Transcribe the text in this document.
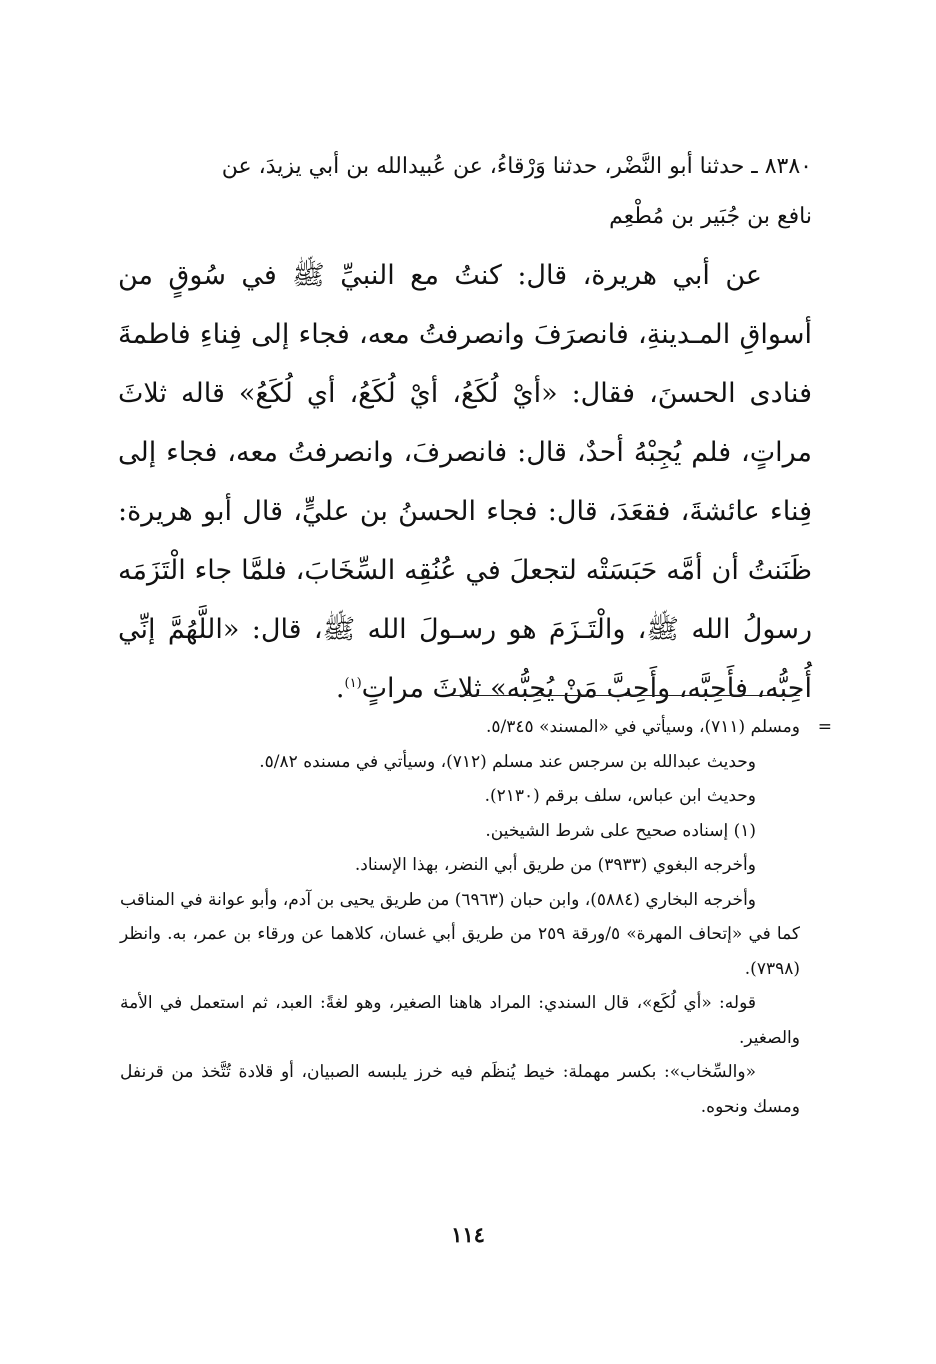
٨٣٨٠ ـ حدثنا أبو النَّضْر، حدثنا وَرْقاءُ، عن عُبيدالله بن أبي يزيدَ، عن
نافع بن جُبَير بن مُطْعِم

عن أبي هريرة، قال: كنتُ مع النبيِّ ﷺ في سُوقٍ من أسواقِ المـدينةِ، فانصرَفَ وانصرفتُ معه، فجاء إلى فِناءِ فاطمةَ فنادى الحسنَ، فقال: «أيْ لُكَعُ، أيْ لُكَعُ، أي لُكَعُ» قاله ثلاثَ مراتٍ، فلم يُجِبْهُ أحدٌ، قال: فانصرفَ، وانصرفتُ معه، فجاء إلى فِناء عائشةَ، فقعَدَ، قال: فجاء الحسنُ بن عليٍّ، قال أبو هريرة: ظَنَنتُ أن أمَّه حَبَسَتْه لتجعلَ في عُنُقِه السِّخَابَ، فلمَّا جاء الْتَزَمَه رسولُ الله ﷺ، والْتَـزَمَ هو رسـولَ الله ﷺ، قال: «اللَّهُمَّ إنِّي أُحِبُّه، فأَحِبَّه، وأَحِبَّ مَنْ يُحِبُّه» ثلاثَ مراتٍ$^{(١)}$.

=

ومسلم (٧١١)، وسيأتي في «المسند» ٥/٣٤٥.

وحديث عبدالله بن سرجس عند مسلم (٧١٢)، وسيأتي في مسنده ٥/٨٢.

وحديث ابن عباس، سلف برقم (٢١٣٠).

(١) إسناده صحيح على شرط الشيخين.

وأخرجه البغوي (٣٩٣٣) من طريق أبي النضر، بهذا الإسناد.

وأخرجه البخاري (٥٨٨٤)، وابن حبان (٦٩٦٣) من طريق يحيى بن آدم، وأبو عوانة في المناقب كما في «إتحاف المهرة» ٥/ورقة ٢٥٩ من طريق أبي غسان، كلاهما عن ورقاء بن عمر، به. وانظر (٧٣٩٨).

قوله: «أي لُكَع»، قال السندي: المراد هاهنا الصغير، وهو لغةً: العبد، ثم استعمل في الأمة والصغير.

«والسِّخاب»: بكسر مهملة: خيط يُنظَم فيه خرز يلبسه الصبيان، أو قلادة تُتَّخذ من قرنفل ومسك ونحوه.

١١٤
